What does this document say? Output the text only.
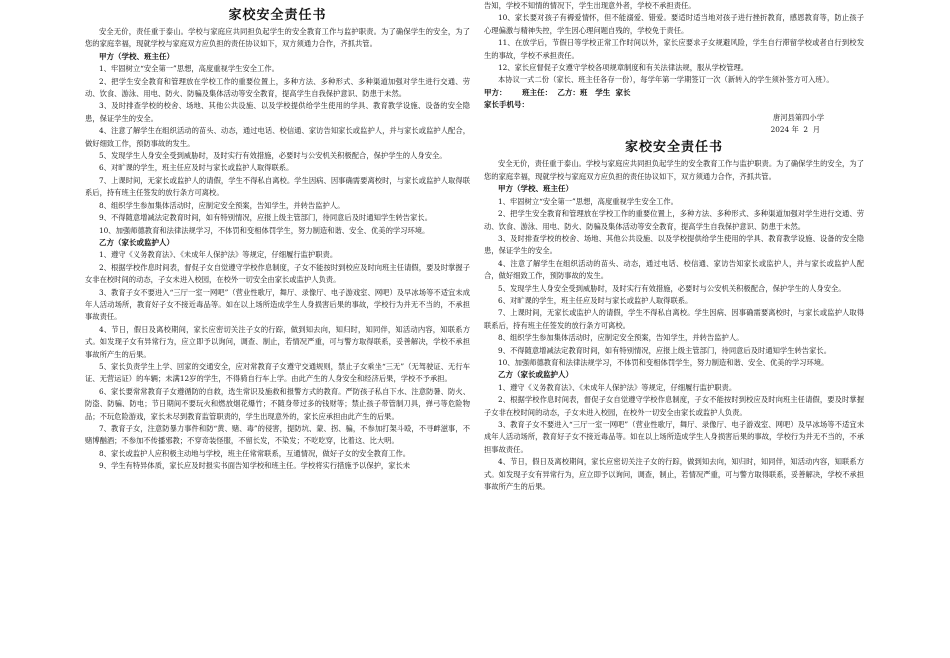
家校安全责任书

安全无价，责任重于泰山。学校与家庭应共同担负起学生的安全教育工作与监护职责。为了确保学生的安全，为了您的家庭幸福，现就学校与家庭双方应负担的责任协议如下，双方须通力合作，齐抓共管。

甲方（学校、班主任）

1、牢固树立“安全第一”思想，高度重视学生安全工作。

2、把学生安全教育和管理放在学校工作的重要位置上，多种方法、多种形式、多种渠道加强对学生进行交通、劳动、饮食、游泳、用电、防火、防骗及集体活动等安全教育，提高学生自我保护意识、防患于未然。

3、及时排查学校的校舍、场地、其他公共设施、以及学校提供给学生使用的学具、教育教学设施、设备的安全隐患，保证学生的安全。

4、注意了解学生在组织活动的苗头、动态，通过电话、校信通、家访告知家长或监护人，并与家长或监护人配合，做好细致工作，预防事故的发生。

5、发现学生人身安全受到威胁时，及时实行有效措施，必要时与公安机关积极配合，保护学生的人身安全。

6、对旷课的学生，班主任应及时与家长或监护人取得联系。

7、上课时间，无家长或监护人的请假，学生不得私自离校。学生因病、因事确需要离校时，与家长或监护人取得联系后，持有班主任签发的放行条方可离校。

8、组织学生参加集体活动时，应制定安全预案，告知学生，并转告监护人。

9、不得随意增减法定教育时间，如有特别情况，应报上级主管部门，待同意后及时通知学生转告家长。

10、加强师德教育和法律法规学习，不体罚和变相体罚学生，努力制造和谐、安全、优美的学习环境。

乙方（家长或监护人）

1、遵守《义务教育法》、《未成年人保护法》等规定，仔细履行监护职责。

2、根据学校作息时间表，督促子女自觉遵守学校作息制度，子女不能按时到校应及时向班主任请假，要及时掌握子女非在校时间的动态，子女未进入校园，在校外一切安全由家长或监护人负责。

3、教育子女不要进入“三厅一室一网吧”（营业性歌厅，舞厅、录像厅、电子游戏室、网吧）及早冰场等不适宜未成年人活动场所，教育好子女不接近毒品等。如在以上场所造成学生人身损害后果的事故，学校行为并无不当的，不承担事故责任。

4、节日，假日及离校期间，家长应密切关注子女的行踪，做到知去向，知归时，知同伴，知活动内容，知联系方式。如发现子女有异常行为，应立即予以询问，调查、制止，若情况严重，可与警方取得联系，妥善解决，学校不承担事故所产生的后果。

5、家长负责学生上学、回家的交通安全，应对常教育子女遵守交通规则，禁止子女乘坐“三无”（无驾驶证、无行车证、无营运证）的车辆；未满12岁的学生，不得骑自行车上学。由此产生的人身安全和经济后果，学校不予承担。

6、家长要常常教育子女遵循防的自救，选生常识及施救和报警方式的教育。严防孩子私自下水、注意防暑、防火、防盗、防骗、防电；节日期间不要玩火和燃放烟花爆竹；不随身带过多的钱财等；禁止孩子带管制刀具，弹弓等危险物品；不玩危险游戏，家长未尽到教育监管职责的，学生出现意外的，家长应承担由此产生的后果。

7、教育子女，注意防暴力事件和防“黄、赌、毒”的侵害，提防坑、蒙、拐、骗，不参加打架斗殴，不寻衅滋事，不赌博酗酒；不参加不传播邪教；不穿奇装怪服，不留长发，不染发；不吃吃穿，比着这、比大明。

8、家长或监护人应积极主动地与学校，班主任常常联系，互通情况，做好子女的安全教育工作。

9、学生有特异体质，家长应及时报实书面告知学校和班主任。学校将实行措施予以保护，家长未

告知，学校不知情的情况下，学生出现意外者，学校不承担责任。

10、家长要对孩子有褥爱情怀，但不能溺爱、错爱。要适时适当地对孩子进行挫折教育，感恩教育等，防止孩子心理偏激与精神失控，学生因心理问题自残的，学校免于责任。

11、在放学后，节假日等学校正常工作时间以外，家长应要求子女规避风险，学生自行滞留学校或者自行到校发生的事故，学校不承担责任。

12、家长应督促子女遵守学校各项规章制度和有关法律法规，服从学校管理。

本协议一式二份（家长、班主任各存一份），每学年第一学期签订一次（新转入的学生须补签方可入班）。

甲方：      班主任：  乙方：班   学生  家长
家长手机号：
唐河县第四小学
2024 年  2  月
家校安全责任书

安全无价，责任重于泰山。学校与家庭应共同担负起学生的安全教育工作与监护职责。为了确保学生的安全，为了您的家庭幸福，现就学校与家庭双方应负担的责任协议如下，双方须通力合作，齐抓共管。

甲方（学校、班主任）

1、牢固树立“安全第一”思想，高度重视学生安全工作。

2、把学生安全教育和管理放在学校工作的重要位置上，多种方法、多种形式、多种渠道加强对学生进行交通、劳动、饮食、游泳、用电、防火、防骗及集体活动等安全教育，提高学生自我保护意识、防患于未然。

3、及时排查学校的校舍、场地、其他公共设施、以及学校提供给学生使用的学具、教育教学设施、设备的安全隐患，保证学生的安全。

4、注意了解学生在组织活动的苗头、动态，通过电话、校信通、家访告知家长或监护人，并与家长或监护人配合，做好细致工作，预防事故的发生。

5、发现学生人身安全受到威胁时，及时实行有效措施，必要时与公安机关积极配合，保护学生的人身安全。

6、对旷课的学生，班主任应及时与家长或监护人取得联系。

7、上课时间，无家长或监护人的请假，学生不得私自离校。学生因病、因事确需要离校时，与家长或监护人取得联系后，持有班主任签发的放行条方可离校。

8、组织学生参加集体活动时，应制定安全预案，告知学生，并转告监护人。

9、不得随意增减法定教育时间，如有特别情况，应报上级主管部门，待同意后及时通知学生转告家长。

10、加强师德教育和法律法规学习，不体罚和变相体罚学生，努力制造和谐、安全、优美的学习环境。

乙方（家长或监护人）

1、遵守《义务教育法》、《未成年人保护法》等规定，仔细履行监护职责。

2、根据学校作息时间表，督促子女自觉遵守学校作息制度，子女不能按时到校应及时向班主任请假，要及时掌握子女非在校时间的动态，子女未进入校园，在校外一切安全由家长或监护人负责。

3、教育子女不要进入“三厅一室一网吧”（营业性歌厅，舞厅、录像厅、电子游戏室、网吧）及早冰场等不适宜未成年人活动场所，教育好子女不接近毒品等。如在以上场所造成学生人身损害后果的事故，学校行为并无不当的，不承担事故责任。

4、节日，假日及离校期间，家长应密切关注子女的行踪，做到知去向，知归时，知同伴，知活动内容，知联系方式。如发现子女有异常行为，应立即予以询问，调查，制止，若情况严重，可与警方取得联系，妥善解决，学校不承担事故所产生的后果。
